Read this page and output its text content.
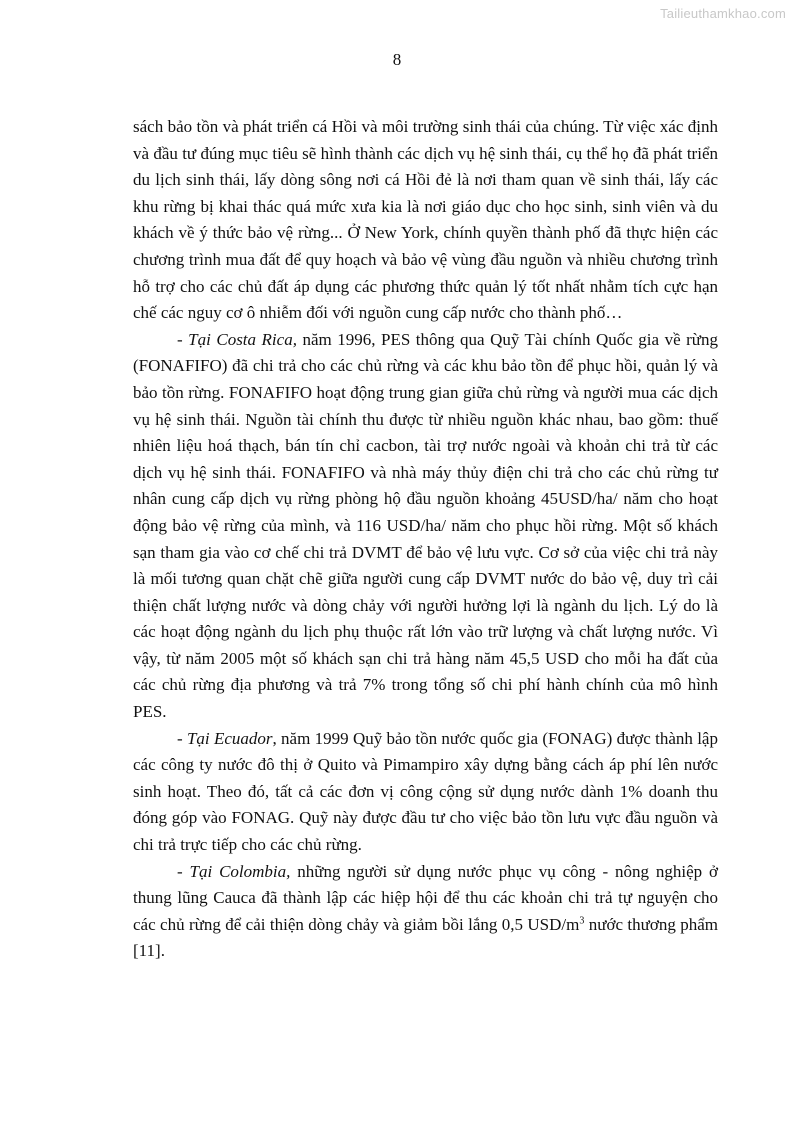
Tailieuthamkhao.com
8

sách bảo tồn và phát triển cá Hồi và môi trường sinh thái của chúng. Từ việc xác định và đầu tư đúng mục tiêu sẽ hình thành các dịch vụ hệ sinh thái, cụ thể họ đã phát triển du lịch sinh thái, lấy dòng sông nơi cá Hồi đẻ là nơi tham quan về sinh thái, lấy các khu rừng bị khai thác quá mức xưa kia là nơi giáo dục cho học sinh, sinh viên và du khách về ý thức bảo vệ rừng... Ở New York, chính quyền thành phố đã thực hiện các chương trình mua đất để quy hoạch và bảo vệ vùng đầu nguồn và nhiều chương trình hỗ trợ cho các chủ đất áp dụng các phương thức quản lý tốt nhất nhằm tích cực hạn chế các nguy cơ ô nhiễm đối với nguồn cung cấp nước cho thành phố…

- Tại Costa Rica, năm 1996, PES thông qua Quỹ Tài chính Quốc gia về rừng (FONAFIFO) đã chi trả cho các chủ rừng và các khu bảo tồn để phục hồi, quản lý và bảo tồn rừng. FONAFIFO hoạt động trung gian giữa chủ rừng và người mua các dịch vụ hệ sinh thái. Nguồn tài chính thu được từ nhiều nguồn khác nhau, bao gồm: thuế nhiên liệu hoá thạch, bán tín chỉ cacbon, tài trợ nước ngoài và khoản chi trả từ các dịch vụ hệ sinh thái. FONAFIFO và nhà máy thủy điện chi trả cho các chủ rừng tư nhân cung cấp dịch vụ rừng phòng hộ đầu nguồn khoảng 45USD/ha/ năm cho hoạt động bảo vệ rừng của mình, và 116 USD/ha/ năm cho phục hồi rừng. Một số khách sạn tham gia vào cơ chế chi trả DVMT để bảo vệ lưu vực. Cơ sở của việc chi trả này là mối tương quan chặt chẽ giữa người cung cấp DVMT nước do bảo vệ, duy trì cải thiện chất lượng nước và dòng chảy với người hưởng lợi là ngành du lịch. Lý do là các hoạt động ngành du lịch phụ thuộc rất lớn vào trữ lượng và chất lượng nước. Vì vậy, từ năm 2005 một số khách sạn chi trả hàng năm 45,5 USD cho mỗi ha đất của các chủ rừng địa phương và trả 7% trong tổng số chi phí hành chính của mô hình PES.

- Tại Ecuador, năm 1999 Quỹ bảo tồn nước quốc gia (FONAG) được thành lập các công ty nước đô thị ở Quito và Pimampiro xây dựng bằng cách áp phí lên nước sinh hoạt. Theo đó, tất cả các đơn vị công cộng sử dụng nước dành 1% doanh thu đóng góp vào FONAG. Quỹ này được đầu tư cho việc bảo tồn lưu vực đầu nguồn và chi trả trực tiếp cho các chủ rừng.

- Tại Colombia, những người sử dụng nước phục vụ công - nông nghiệp ở thung lũng Cauca đã thành lập các hiệp hội để thu các khoản chi trả tự nguyện cho các chủ rừng để cải thiện dòng chảy và giảm bồi lắng 0,5 USD/$m^3$ nước thương phẩm [11].
